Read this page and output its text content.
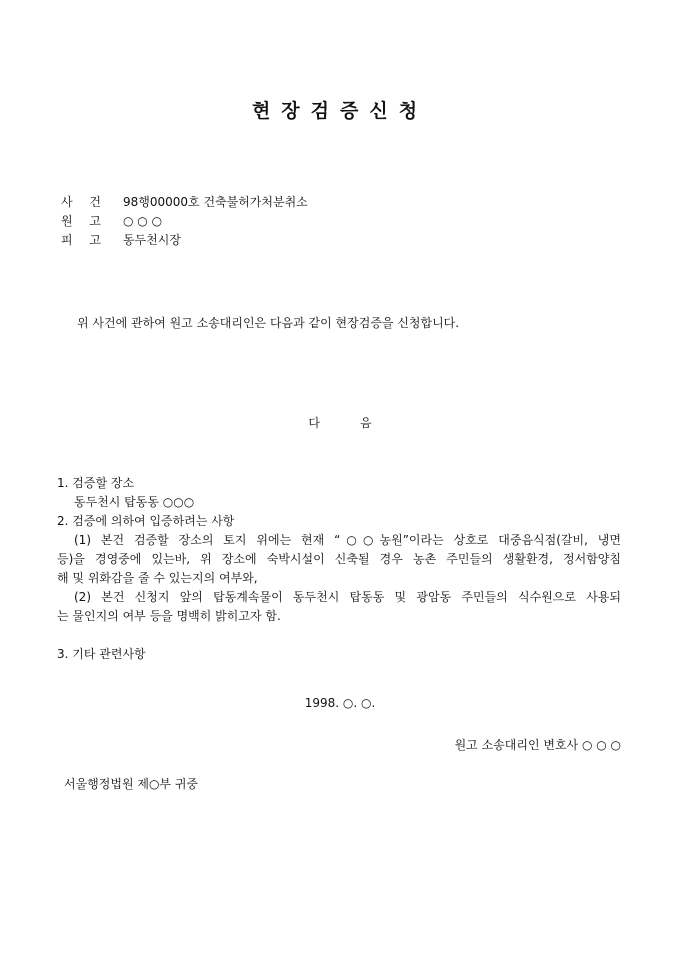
현장검증신청
사 건 98행00000호 건축불허가처분취소
원 고 ○ ○ ○
피 고 동두천시장
위 사건에 관하여 원고 소송대리인은 다음과 같이 현장검증을 신청합니다.
다	음
1. 검증할 장소
동두천시 탑동동 ○○○
2. 검증에 의하여 입증하려는 사항
(1) 본건 검증할 장소의 토지 위에는 현재 “○○농원”이라는 상호로 대중음식점(갈비, 냉면
등)을 경영중에 있는바, 위 장소에 숙박시설이 신축될 경우 농촌 주민들의 생활환경, 정서함양침
해 및 위화감을 줄 수 있는지의 여부와,
(2) 본건 신청지 앞의 탑동계속물이 동두천시 탑동동 및 광암동 주민들의 식수원으로 사용되
는 물인지의 여부 등을 명백히 밝히고자 함.
3. 기타 관련사항
1998. ○. ○.
원고 소송대리인 변호사 ○ ○ ○
서울행정법원 제○부 귀중
